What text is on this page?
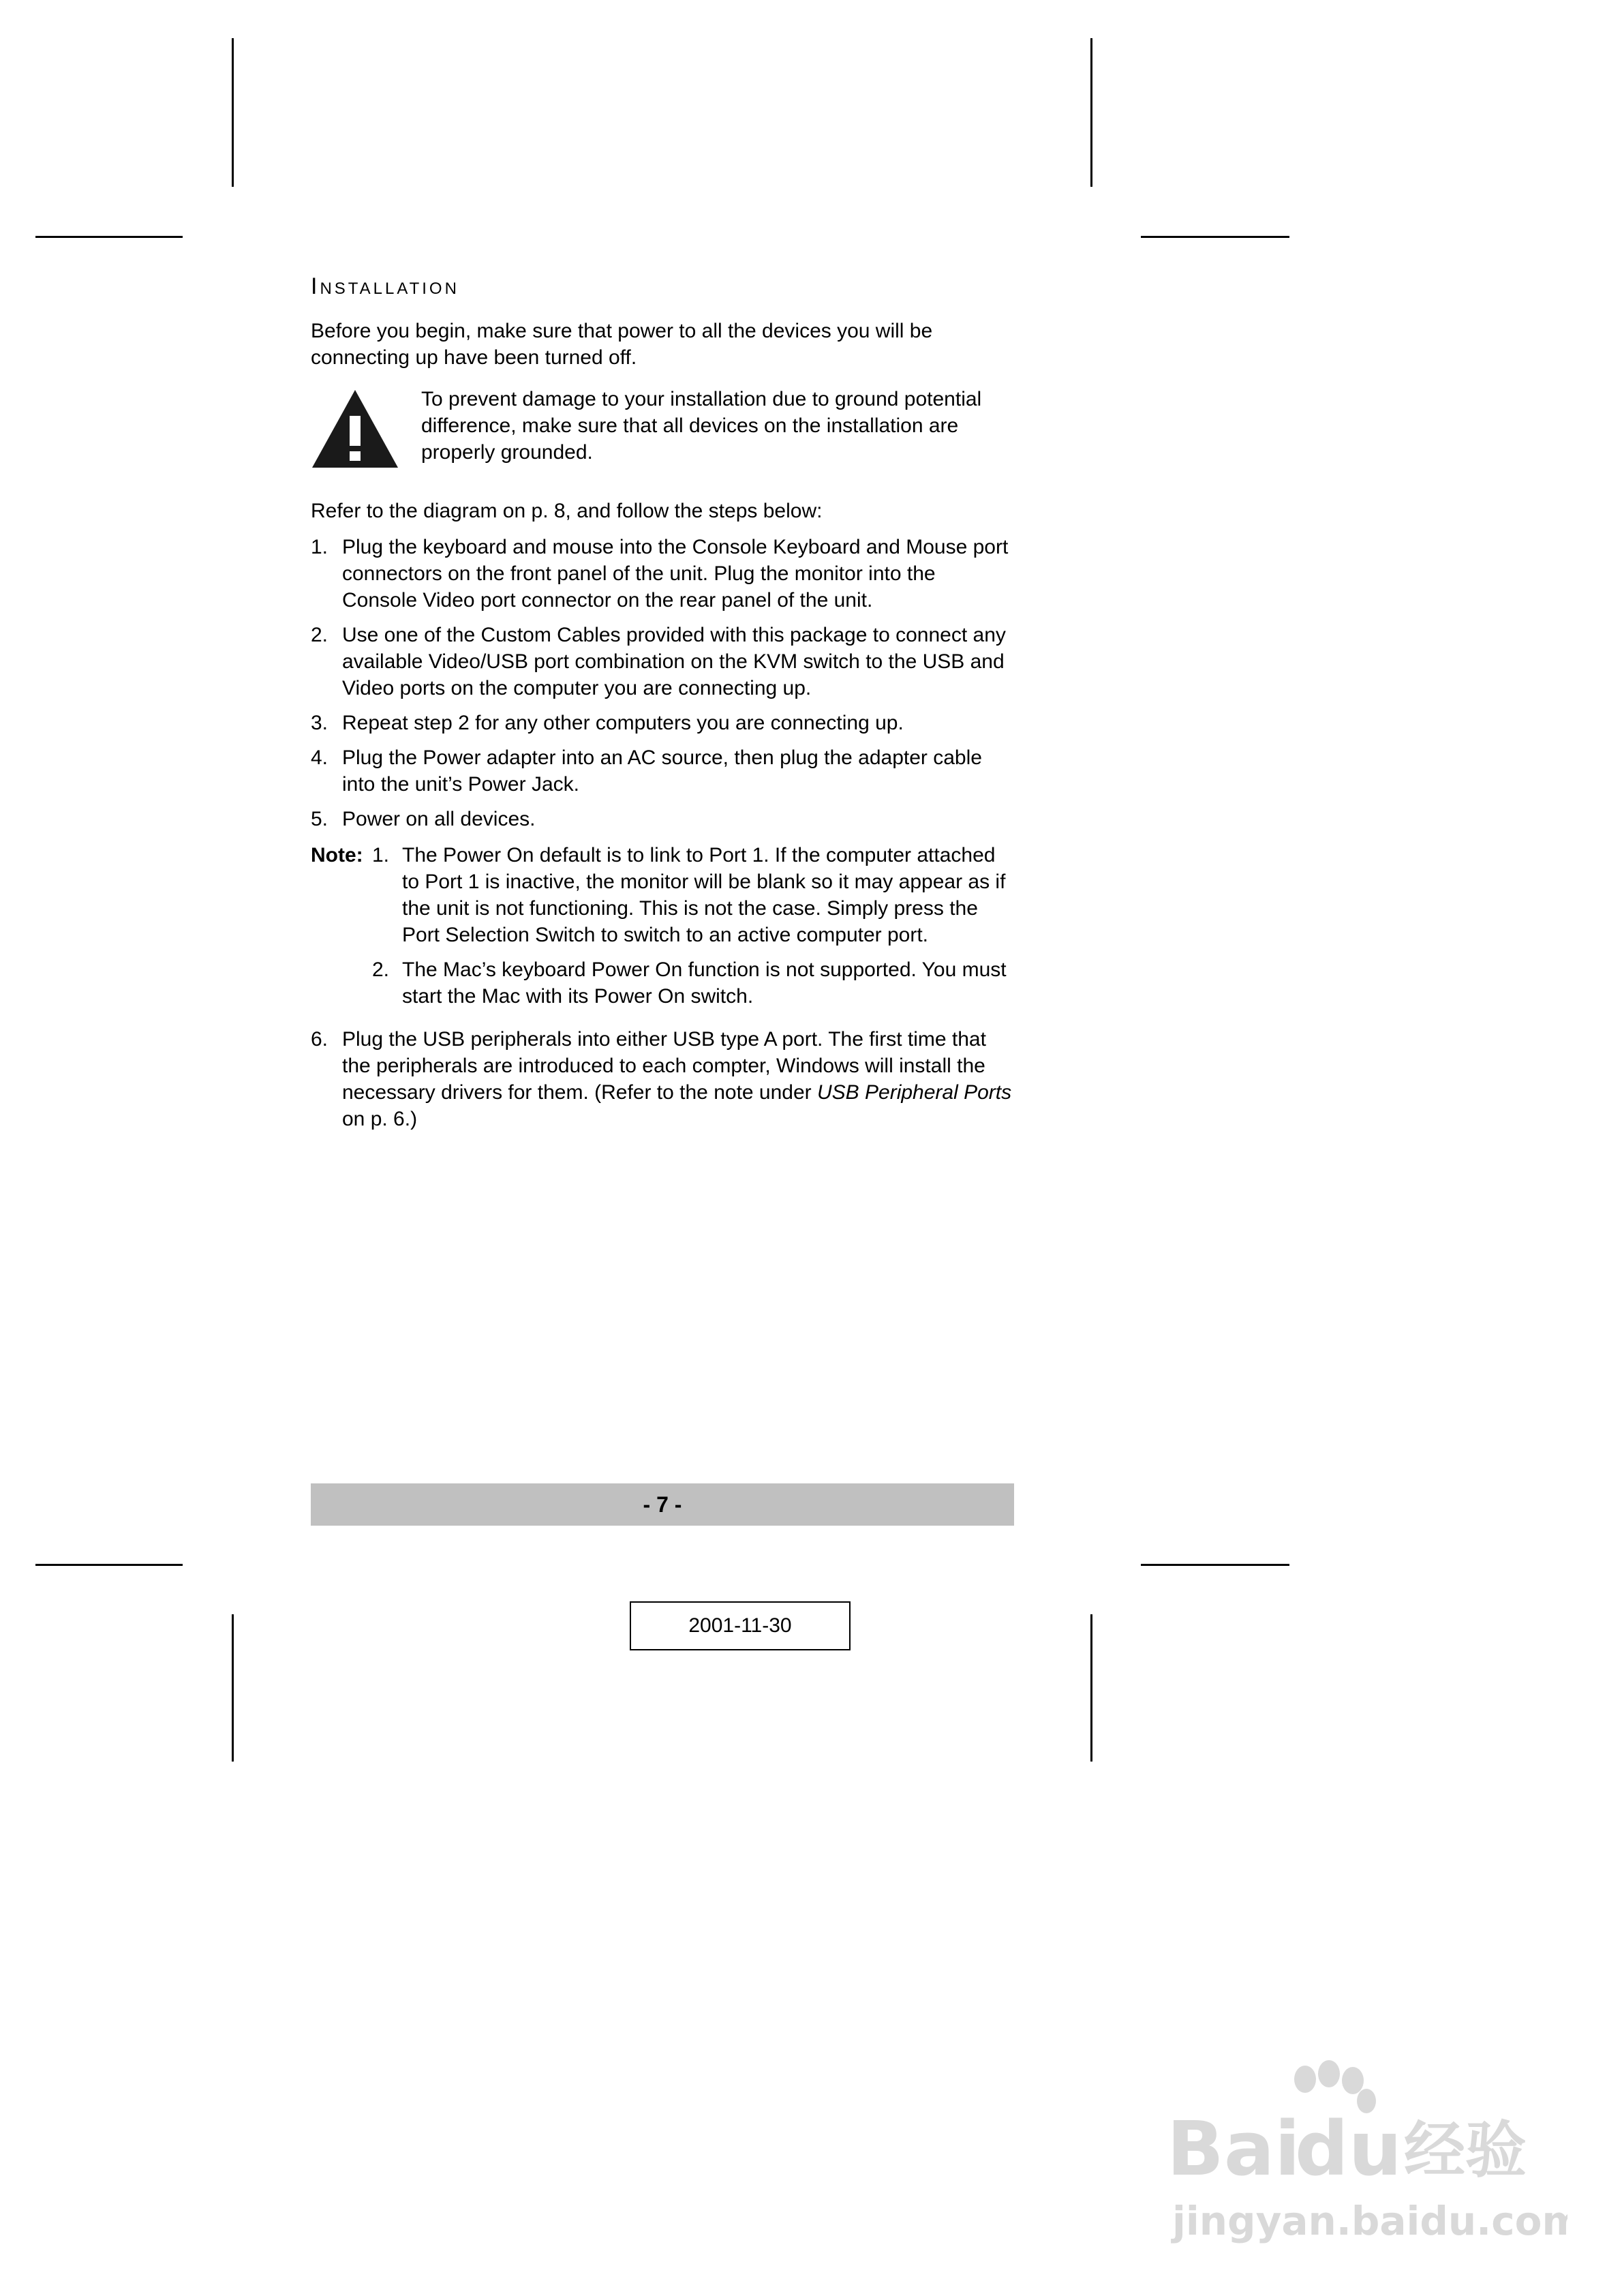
Installation

Before you begin, make sure that power to all the devices you will be connecting up have been turned off.

To prevent damage to your installation due to ground potential difference, make sure that all devices on the installation are properly grounded.

Refer to the diagram on p. 8, and follow the steps below:

1. Plug the keyboard and mouse into the Console Keyboard and Mouse port connectors on the front panel of the unit. Plug the monitor into the Console Video port connector on the rear panel of the unit.
2. Use one of the Custom Cables provided with this package to connect any available Video/USB port combination on the KVM switch to the USB and Video ports on the computer you are connecting up.
3. Repeat step 2 for any other computers you are connecting up.
4. Plug the Power adapter into an AC source, then plug the adapter cable into the unit’s Power Jack.
5. Power on all devices.
Note: 1. The Power On default is to link to Port 1. If the computer attached to Port 1 is inactive, the monitor will be blank so it may appear as if the unit is not functioning. This is not the case. Simply press the Port Selection Switch to switch to an active computer port.
2. The Mac’s keyboard Power On function is not supported. You must start the Mac with its Power On switch.
6. Plug the USB peripherals into either USB type A port. The first time that the peripherals are introduced to each compter, Windows will install the necessary drivers for them. (Refer to the note under USB Peripheral Ports on p. 6.)
- 7 -
2001-11-30
Bai
du 经验
jingyan.baidu.com
